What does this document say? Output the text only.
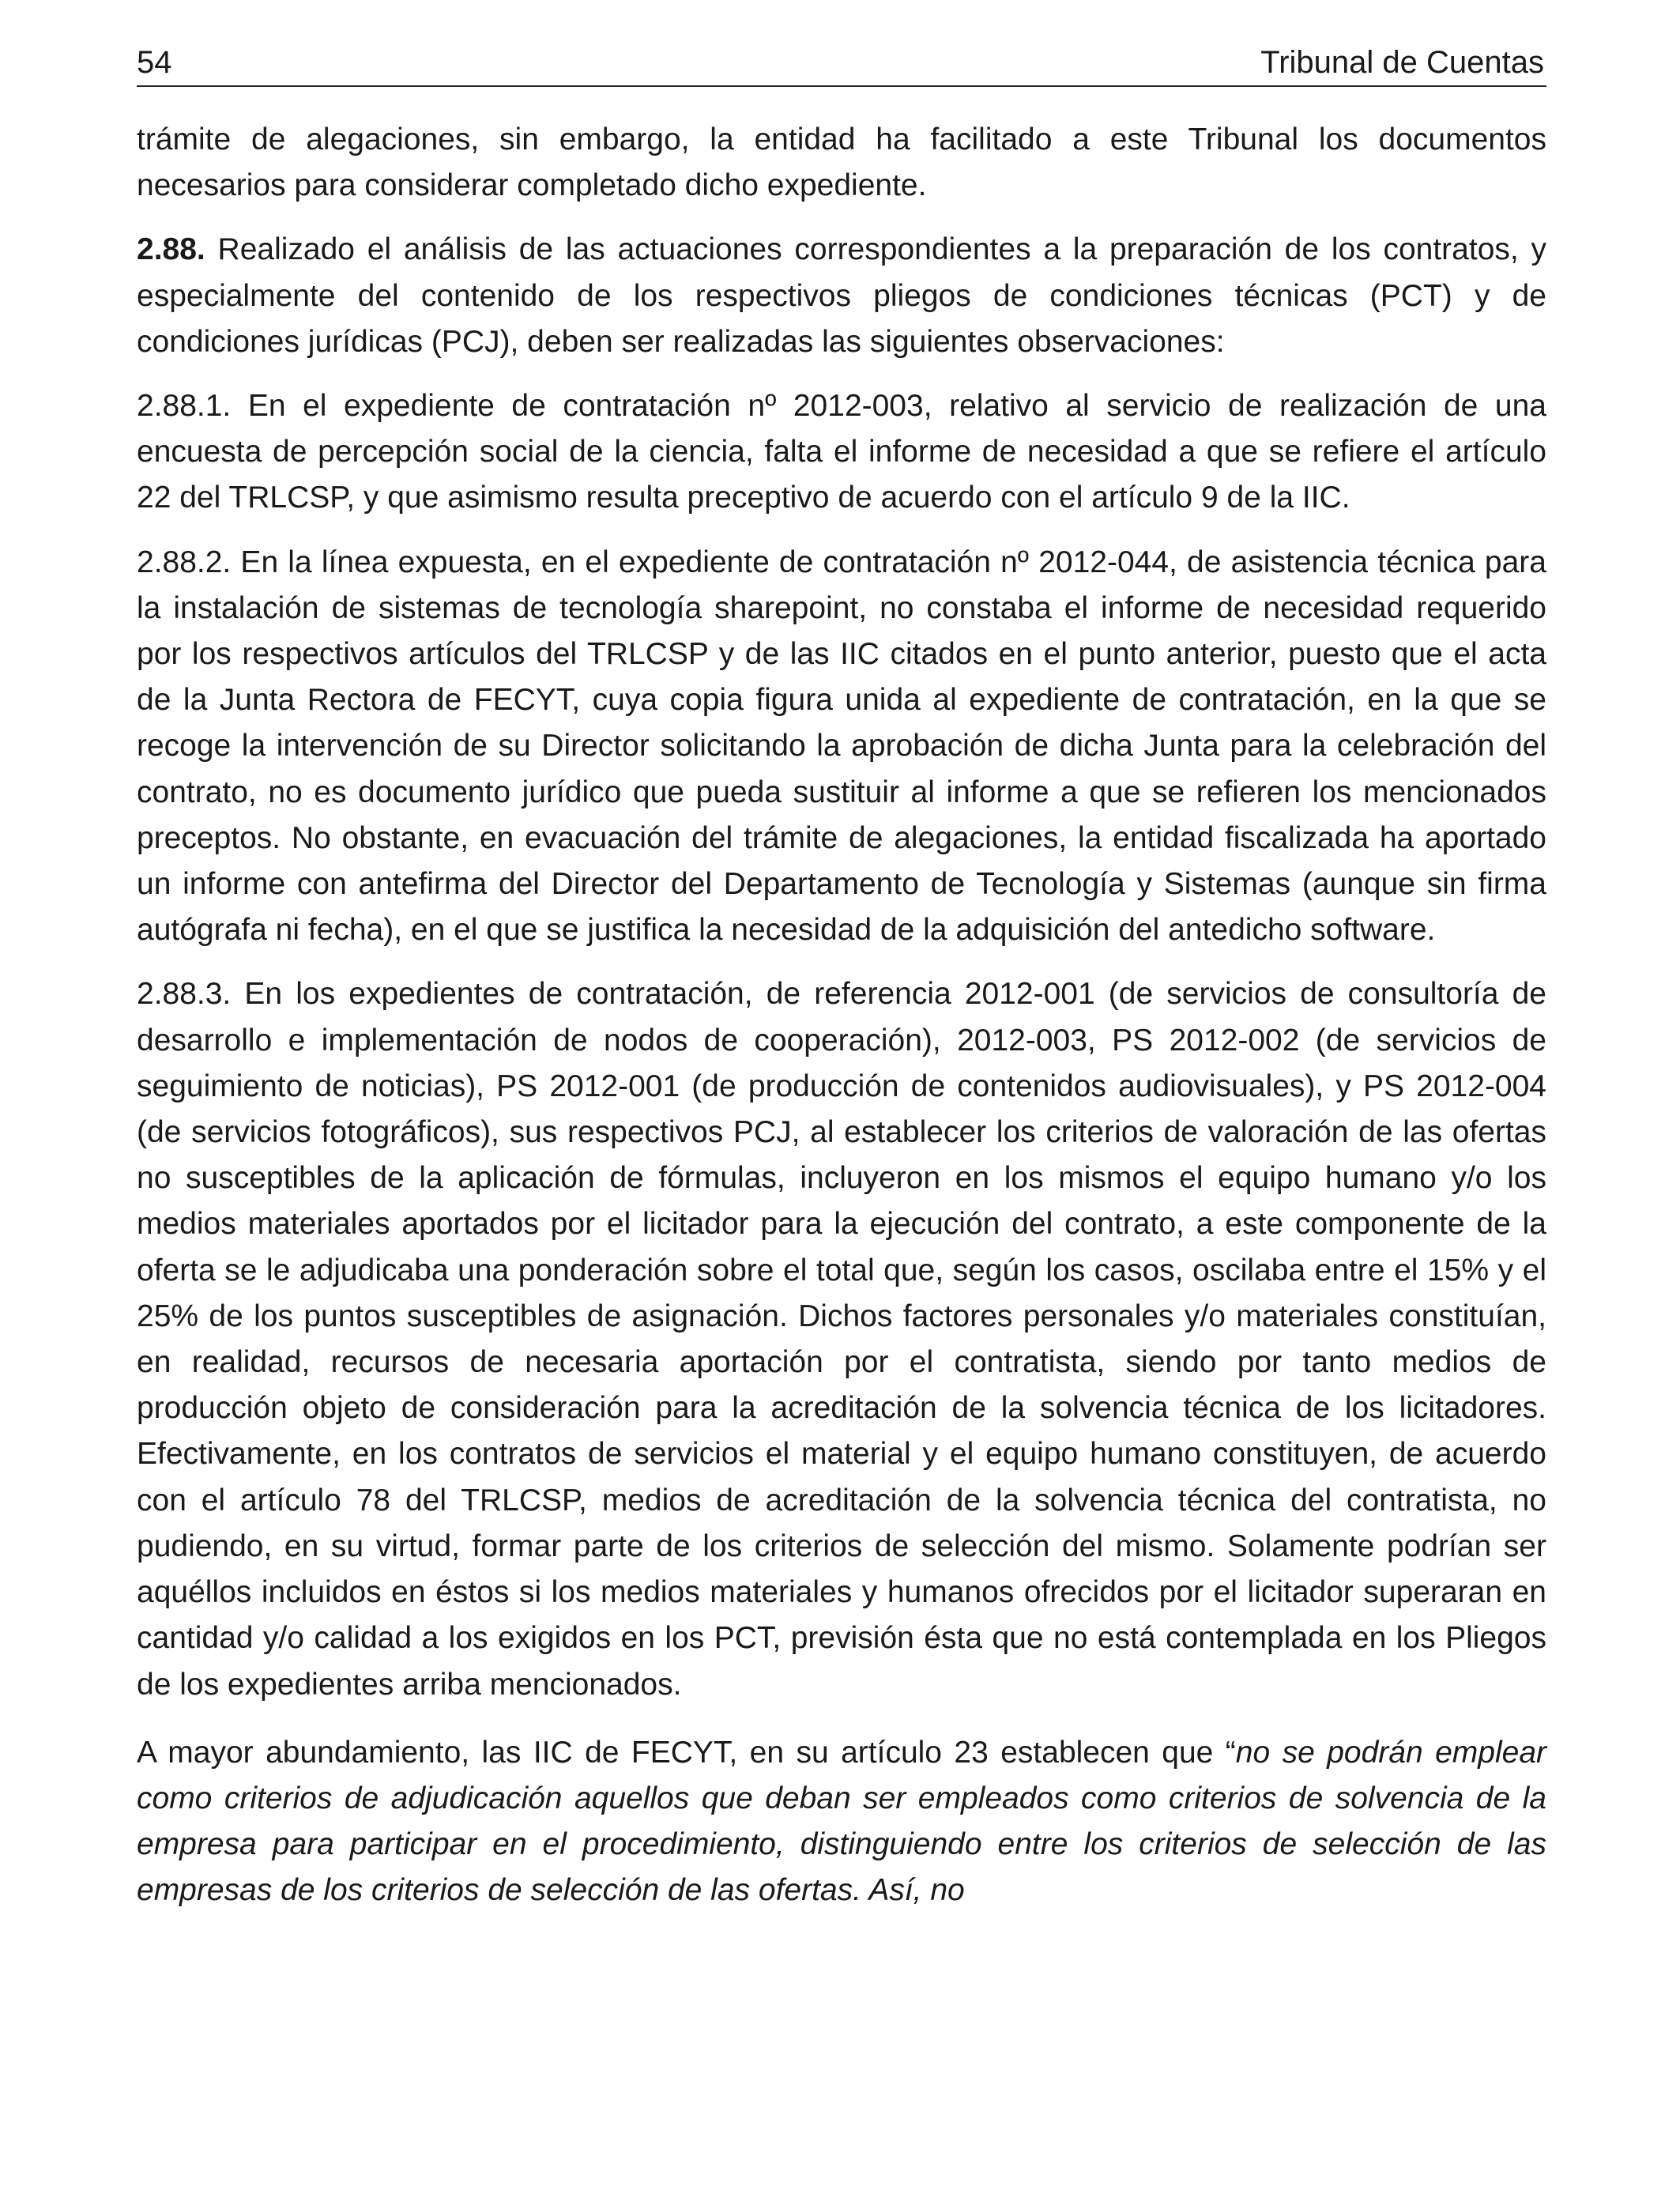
54	Tribunal de Cuentas

trámite de alegaciones, sin embargo, la entidad ha facilitado a este Tribunal los documentos necesarios para considerar completado dicho expediente.

2.88. Realizado el análisis de las actuaciones correspondientes a la preparación de los contratos, y especialmente del contenido de los respectivos pliegos de condiciones técnicas (PCT) y de condiciones jurídicas (PCJ), deben ser realizadas las siguientes observaciones:

2.88.1. En el expediente de contratación nº 2012-003, relativo al servicio de realización de una encuesta de percepción social de la ciencia, falta el informe de necesidad a que se refiere el artículo 22 del TRLCSP, y que asimismo resulta preceptivo de acuerdo con el artículo 9 de la IIC.

2.88.2. En la línea expuesta, en el expediente de contratación nº 2012-044, de asistencia técnica para la instalación de sistemas de tecnología sharepoint, no constaba el informe de necesidad requerido por los respectivos artículos del TRLCSP y de las IIC citados en el punto anterior, puesto que el acta de la Junta Rectora de FECYT, cuya copia figura unida al expediente de contratación, en la que se recoge la intervención de su Director solicitando la aprobación de dicha Junta para la celebración del contrato, no es documento jurídico que pueda sustituir al informe a que se refieren los mencionados preceptos. No obstante, en evacuación del trámite de alegaciones, la entidad fiscalizada ha aportado un informe con antefirma del Director del Departamento de Tecnología y Sistemas (aunque sin firma autógrafa ni fecha), en el que se justifica la necesidad de la adquisición del antedicho software.

2.88.3. En los expedientes de contratación, de referencia 2012-001 (de servicios de consultoría de desarrollo e implementación de nodos de cooperación), 2012-003, PS 2012-002 (de servicios de seguimiento de noticias), PS 2012-001 (de producción de contenidos audiovisuales), y PS 2012-004 (de servicios fotográficos), sus respectivos PCJ, al establecer los criterios de valoración de las ofertas no susceptibles de la aplicación de fórmulas, incluyeron en los mismos el equipo humano y/o los medios materiales aportados por el licitador para la ejecución del contrato, a este componente de la oferta se le adjudicaba una ponderación sobre el total que, según los casos, oscilaba entre el 15% y el 25% de los puntos susceptibles de asignación. Dichos factores personales y/o materiales constituían, en realidad, recursos de necesaria aportación por el contratista, siendo por tanto medios de producción objeto de consideración para la acreditación de la solvencia técnica de los licitadores. Efectivamente, en los contratos de servicios el material y el equipo humano constituyen, de acuerdo con el artículo 78 del TRLCSP, medios de acreditación de la solvencia técnica del contratista, no pudiendo, en su virtud, formar parte de los criterios de selección del mismo. Solamente podrían ser aquéllos incluidos en éstos si los medios materiales y humanos ofrecidos por el licitador superaran en cantidad y/o calidad a los exigidos en los PCT, previsión ésta que no está contemplada en los Pliegos de los expedientes arriba mencionados.

A mayor abundamiento, las IIC de FECYT, en su artículo 23 establecen que “no se podrán emplear como criterios de adjudicación aquellos que deban ser empleados como criterios de solvencia de la empresa para participar en el procedimiento, distinguiendo entre los criterios de selección de las empresas de los criterios de selección de las ofertas. Así, no
